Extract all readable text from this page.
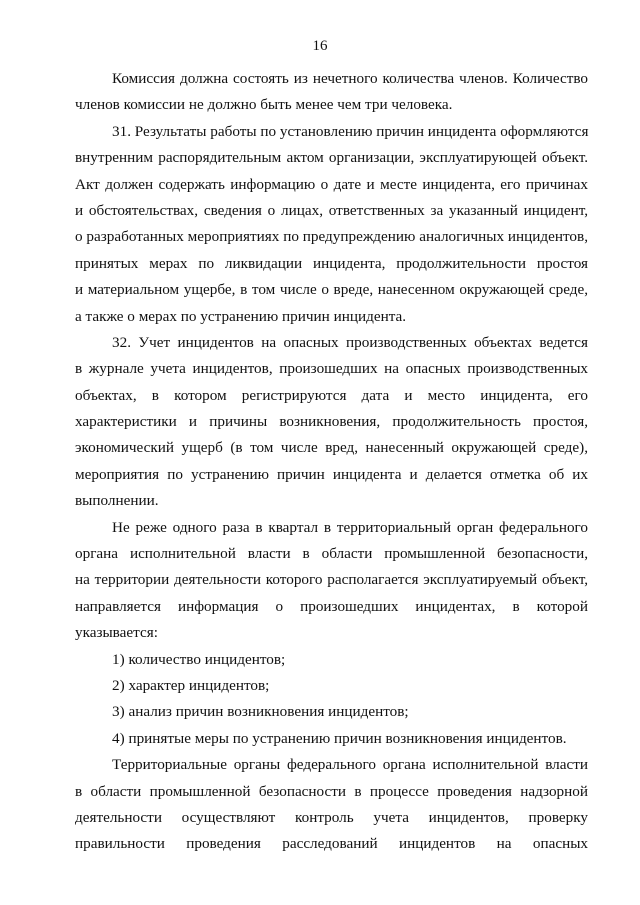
16
Комиссия должна состоять из нечетного количества членов. Количество
членов комиссии не должно быть менее чем три человека.
31. Результаты работы по установлению причин инцидента оформляются
внутренним распорядительным актом организации, эксплуатирующей объект.
Акт должен содержать информацию о дате и месте инцидента, его причинах
и обстоятельствах, сведения о лицах, ответственных за указанный инцидент,
о разработанных мероприятиях по предупреждению аналогичных инцидентов,
принятых мерах по ликвидации инцидента, продолжительности простоя
и материальном ущербе, в том числе о вреде, нанесенном окружающей среде,
а также о мерах по устранению причин инцидента.
32. Учет инцидентов на опасных производственных объектах ведется
в журнале учета инцидентов, произошедших на опасных производственных
объектах, в котором регистрируются дата и место инцидента, его
характеристики и причины возникновения, продолжительность простоя,
экономический ущерб (в том числе вред, нанесенный окружающей среде),
мероприятия по устранению причин инцидента и делается отметка об их
выполнении.
Не реже одного раза в квартал в территориальный орган федерального
органа исполнительной власти в области промышленной безопасности,
на территории деятельности которого располагается эксплуатируемый объект,
направляется информация о произошедших инцидентах, в которой
указывается:
1) количество инцидентов;
2) характер инцидентов;
3) анализ причин возникновения инцидентов;
4) принятые меры по устранению причин возникновения инцидентов.
Территориальные органы федерального органа исполнительной власти
в области промышленной безопасности в процессе проведения надзорной
деятельности осуществляют контроль учета инцидентов, проверку
правильности проведения расследований инцидентов на опасных
